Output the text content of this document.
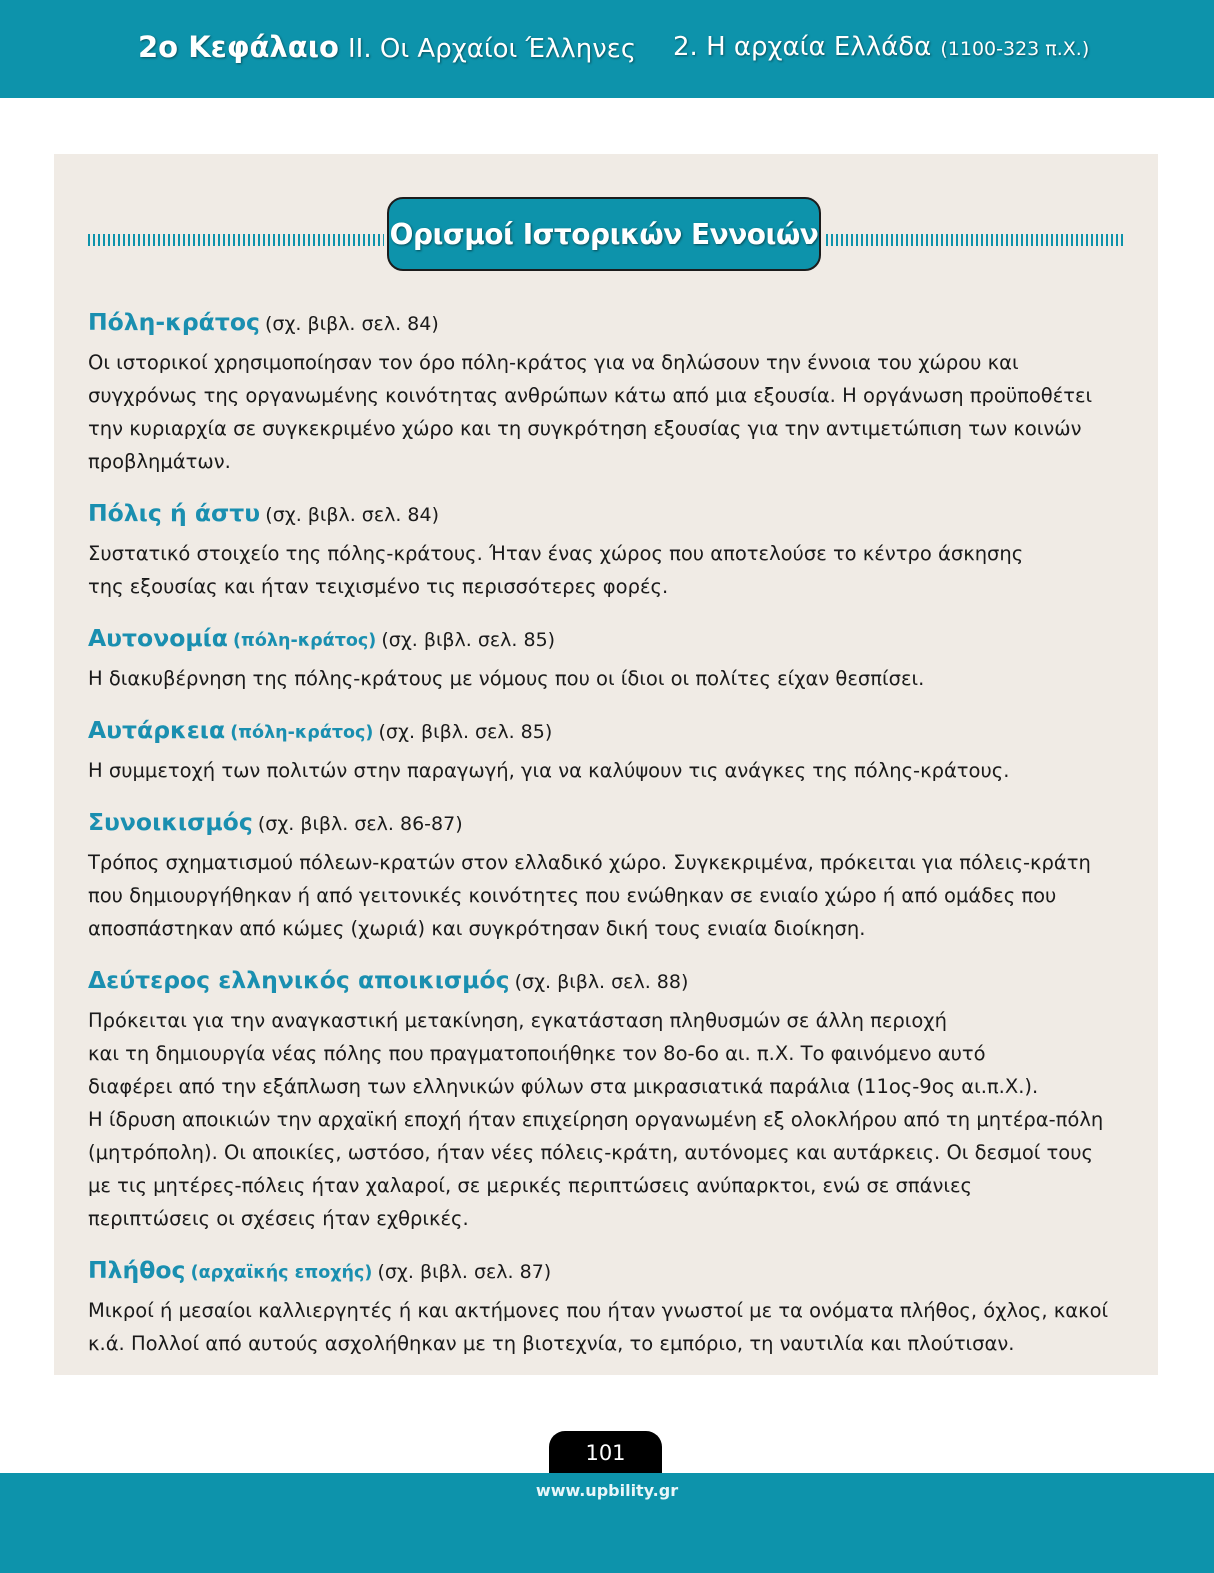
2ο Κεφάλαιο ΙΙ. Οι Αρχαίοι Έλληνες 2. Η αρχαία Ελλάδα (1100-323 π.Χ.)
Ορισμοί Ιστορικών Εννοιών
Πόλη-κράτος (σχ. βιβλ. σελ. 84)
Οι ιστορικοί χρησιμοποίησαν τον όρο πόλη-κράτος για να δηλώσουν την έννοια του χώρου και
συγχρόνως της οργανωμένης κοινότητας ανθρώπων κάτω από μια εξουσία. Η οργάνωση προϋποθέτει
την κυριαρχία σε συγκεκριμένο χώρο και τη συγκρότηση εξουσίας για την αντιμετώπιση των κοινών
προβλημάτων.
Πόλις ή άστυ (σχ. βιβλ. σελ. 84)
Συστατικό στοιχείο της πόλης-κράτους. Ήταν ένας χώρος που αποτελούσε το κέντρο άσκησης
της εξουσίας και ήταν τειχισμένο τις περισσότερες φορές.
Αυτονομία (πόλη-κράτος) (σχ. βιβλ. σελ. 85)
Η διακυβέρνηση της πόλης-κράτους με νόμους που οι ίδιοι οι πολίτες είχαν θεσπίσει.
Αυτάρκεια (πόλη-κράτος) (σχ. βιβλ. σελ. 85)
Η συμμετοχή των πολιτών στην παραγωγή, για να καλύψουν τις ανάγκες της πόλης-κράτους.
Συνοικισμός (σχ. βιβλ. σελ. 86-87)
Τρόπος σχηματισμού πόλεων-κρατών στον ελλαδικό χώρο. Συγκεκριμένα, πρόκειται για πόλεις-κράτη
που δημιουργήθηκαν ή από γειτονικές κοινότητες που ενώθηκαν σε ενιαίο χώρο ή από ομάδες που
αποσπάστηκαν από κώμες (χωριά) και συγκρότησαν δική τους ενιαία διοίκηση.
Δεύτερος ελληνικός αποικισμός (σχ. βιβλ. σελ. 88)
Πρόκειται για την αναγκαστική μετακίνηση, εγκατάσταση πληθυσμών σε άλλη περιοχή
και τη δημιουργία νέας πόλης που πραγματοποιήθηκε τον 8ο-6ο αι. π.Χ. Το φαινόμενο αυτό
διαφέρει από την εξάπλωση των ελληνικών φύλων στα μικρασιατικά παράλια (11ος-9ος αι.π.Χ.).
Η ίδρυση αποικιών την αρχαϊκή εποχή ήταν επιχείρηση οργανωμένη εξ ολοκλήρου από τη μητέρα-πόλη
(μητρόπολη). Οι αποικίες, ωστόσο, ήταν νέες πόλεις-κράτη, αυτόνομες και αυτάρκεις. Οι δεσμοί τους
με τις μητέρες-πόλεις ήταν χαλαροί, σε μερικές περιπτώσεις ανύπαρκτοι, ενώ σε σπάνιες
περιπτώσεις οι σχέσεις ήταν εχθρικές.
Πλήθος (αρχαϊκής εποχής) (σχ. βιβλ. σελ. 87)
Μικροί ή μεσαίοι καλλιεργητές ή και ακτήμονες που ήταν γνωστοί με τα ονόματα πλήθος, όχλος, κακοί
κ.ά. Πολλοί από αυτούς ασχολήθηκαν με τη βιοτεχνία, το εμπόριο, τη ναυτιλία και πλούτισαν.
101
www.upbility.gr
